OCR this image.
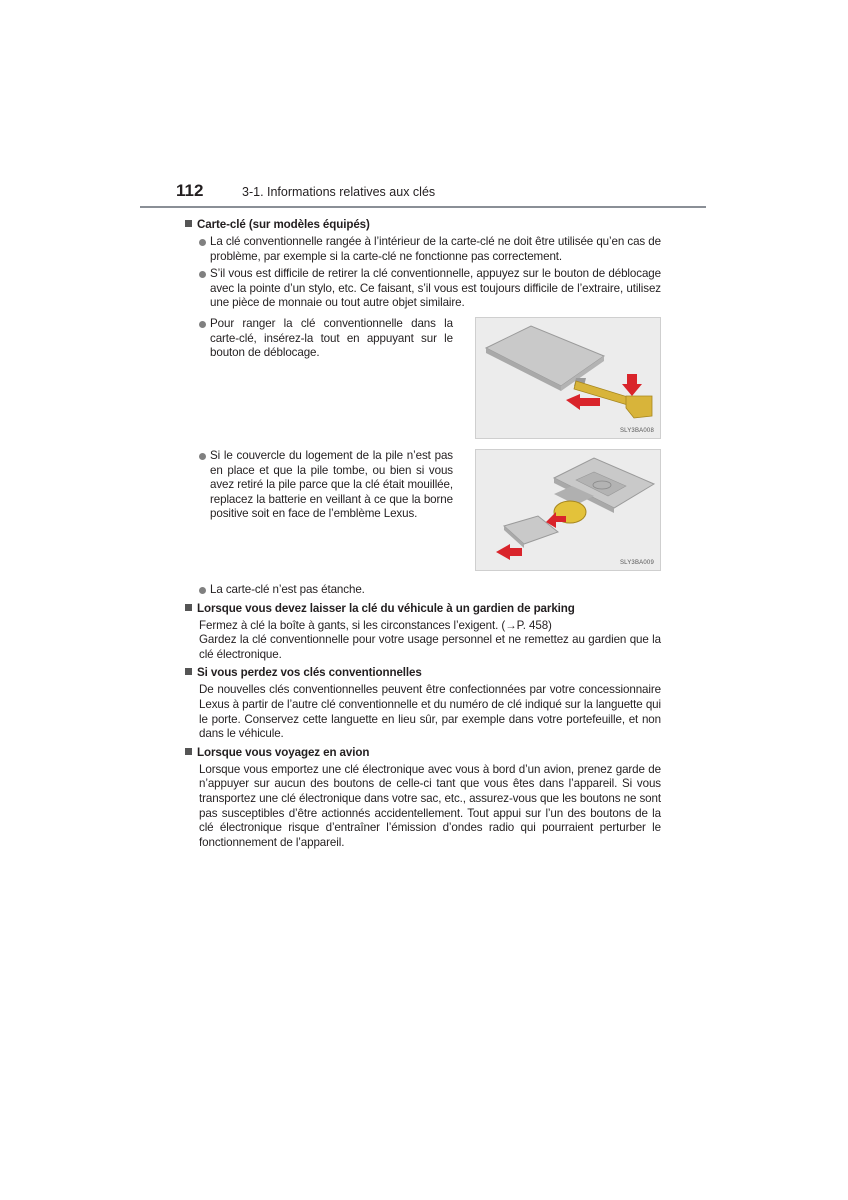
112	3-1. Informations relatives aux clés
Carte-clé (sur modèles équipés)
La clé conventionnelle rangée à l’intérieur de la carte-clé ne doit être utilisée qu’en cas de problème, par exemple si la carte-clé ne fonctionne pas correctement.
S’il vous est difficile de retirer la clé conventionnelle, appuyez sur le bouton de déblocage avec la pointe d’un stylo, etc. Ce faisant, s’il vous est toujours difficile de l’extraire, utilisez une pièce de monnaie ou tout autre objet similaire.
Pour ranger la clé conventionnelle dans la carte-clé, insérez-la tout en appuyant sur le bouton de déblocage.
SLY3BA008
Si le couvercle du logement de la pile n’est pas en place et que la pile tombe, ou bien si vous avez retiré la pile parce que la clé était mouillée, replacez la batterie en veillant à ce que la borne positive soit en face de l’emblème Lexus.
SLY3BA009
La carte-clé n’est pas étanche.
Lorsque vous devez laisser la clé du véhicule à un gardien de parking
Fermez à clé la boîte à gants, si les circonstances l’exigent. (→P. 458)
Gardez la clé conventionnelle pour votre usage personnel et ne remettez au gardien que la clé électronique.
Si vous perdez vos clés conventionnelles
De nouvelles clés conventionnelles peuvent être confectionnées par votre concessionnaire Lexus à partir de l’autre clé conventionnelle et du numéro de clé indiqué sur la languette qui le porte. Conservez cette languette en lieu sûr, par exemple dans votre portefeuille, et non dans le véhicule.
Lorsque vous voyagez en avion
Lorsque vous emportez une clé électronique avec vous à bord d’un avion, prenez garde de n’appuyer sur aucun des boutons de celle-ci tant que vous êtes dans l’appareil. Si vous transportez une clé électronique dans votre sac, etc., assurez-vous que les boutons ne sont pas susceptibles d’être actionnés accidentellement. Tout appui sur l’un des boutons de la clé électronique risque d’entraîner l’émission d’ondes radio qui pourraient perturber le fonctionnement de l’appareil.
